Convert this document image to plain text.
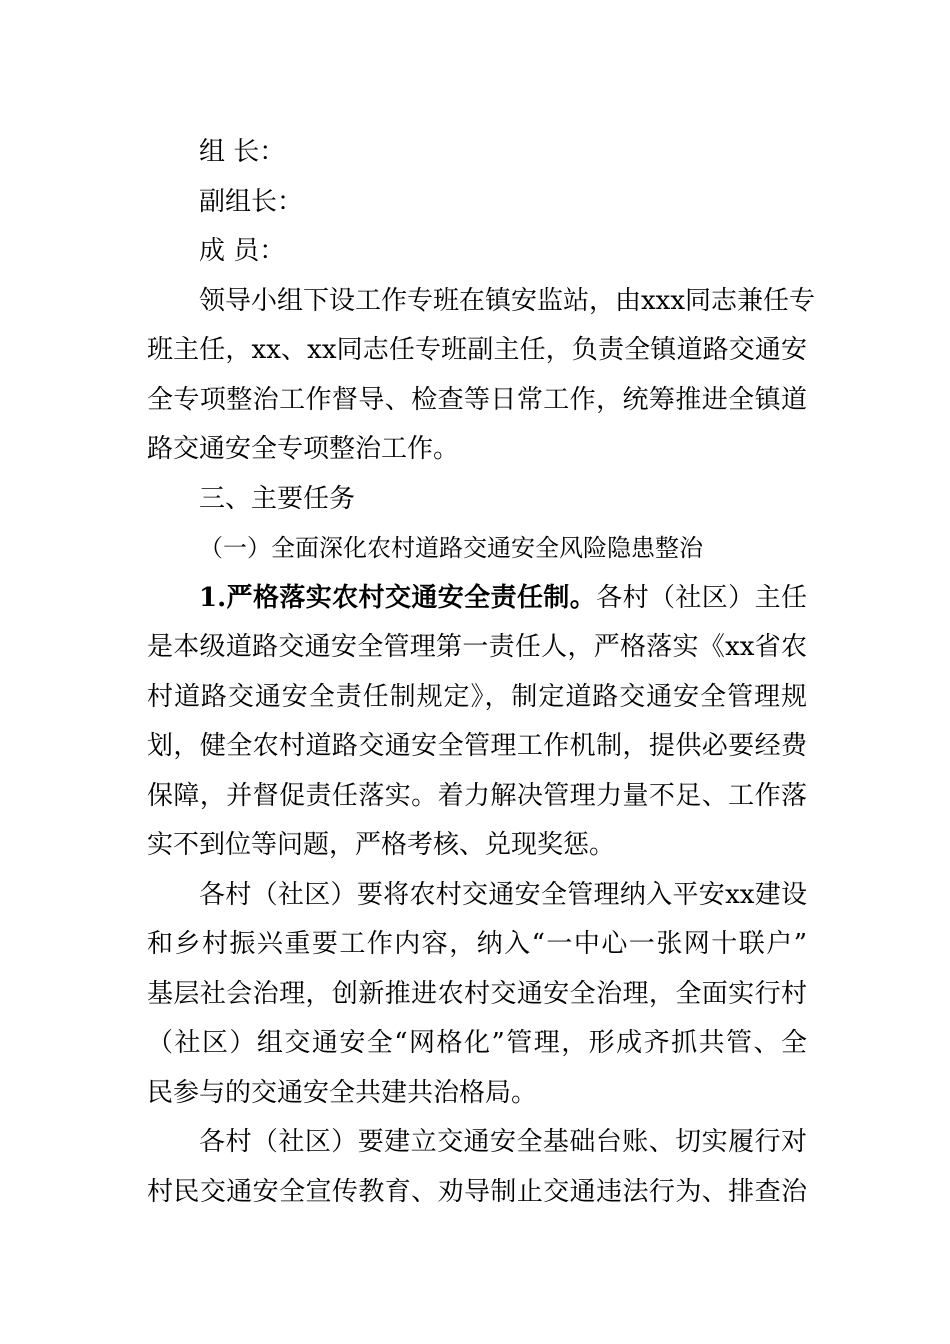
组 长：
副组长：
成 员：
领导小组下设工作专班在镇安监站，由xxx同志兼任专
班主任，xx、xx同志任专班副主任，负责全镇道路交通安
全专项整治工作督导、检查等日常工作，统筹推进全镇道
路交通安全专项整治工作。
三、主要任务
（一）全面深化农村道路交通安全风险隐患整治
1.严格落实农村交通安全责任制。各村（社区）主任
是本级道路交通安全管理第一责任人，严格落实《xx省农
村道路交通安全责任制规定》，制定道路交通安全管理规
划，健全农村道路交通安全管理工作机制，提供必要经费
保障，并督促责任落实。着力解决管理力量不足、工作落
实不到位等问题，严格考核、兑现奖惩。
各村（社区）要将农村交通安全管理纳入平安xx建设
和乡村振兴重要工作内容，纳入“一中心一张网十联户”
基层社会治理，创新推进农村交通安全治理，全面实行村
（社区）组交通安全“网格化”管理，形成齐抓共管、全
民参与的交通安全共建共治格局。
各村（社区）要建立交通安全基础台账、切实履行对
村民交通安全宣传教育、劝导制止交通违法行为、排查治
